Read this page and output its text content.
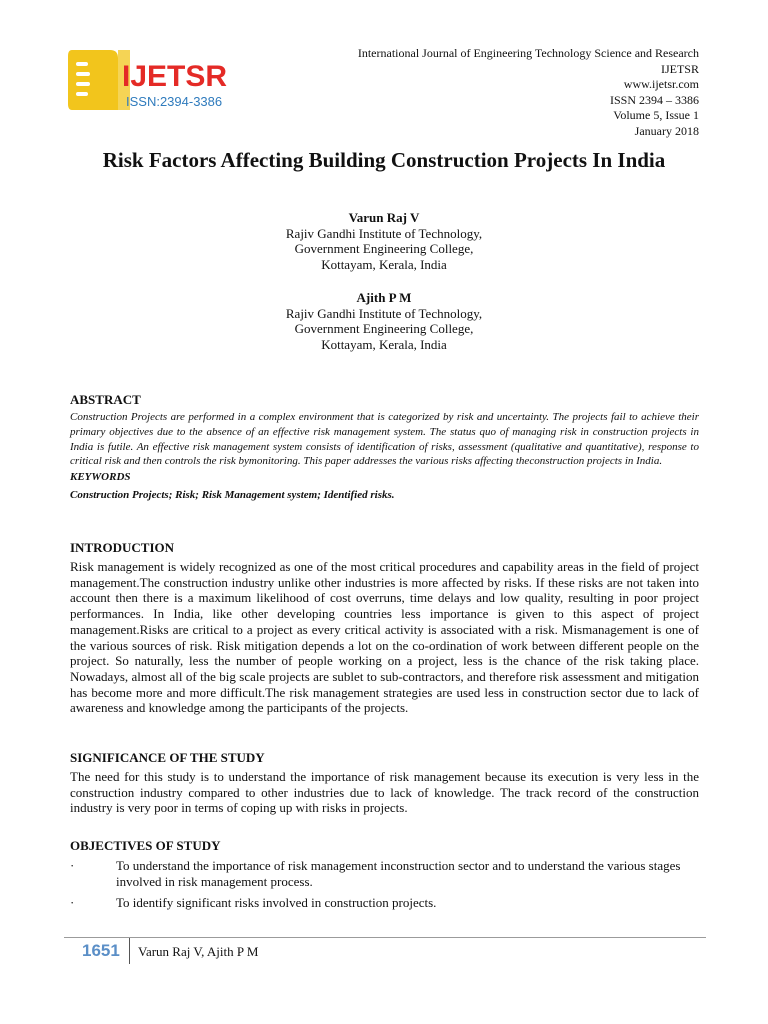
IJETSR
ISSN:2394-3386
International Journal of Engineering Technology Science and Research
IJETSR
www.ijetsr.com
ISSN 2394 – 3386
Volume 5, Issue 1
January 2018
Risk Factors Affecting Building Construction Projects In India
Varun Raj V
Rajiv Gandhi Institute of Technology,
Government Engineering College,
Kottayam, Kerala, India
Ajith P M
Rajiv Gandhi Institute of Technology,
Government Engineering College,
Kottayam, Kerala, India
ABSTRACT

Construction Projects are performed in a complex environment that is categorized by risk and uncertainty. The projects fail to achieve their primary objectives due to the absence of an effective risk management system. The status quo of managing risk in construction projects in India is futile. An effective risk management system consists of identification of risks, assessment (qualitative and quantitative), response to critical risk and then controls the risk bymonitoring. This paper addresses the various risks affecting theconstruction projects in India.

KEYWORDS
Construction Projects; Risk; Risk Management system; Identified risks.
INTRODUCTION

Risk management is widely recognized as one of the most critical procedures and capability areas in the field of project management.The construction industry unlike other industries is more affected by risks. If these risks are not taken into account then there is a maximum likelihood of cost overruns, time delays and low quality, resulting in poor project performances. In India, like other developing countries less importance is given to this aspect of project management.Risks are critical to a project as every critical activity is associated with a risk. Mismanagement is one of the various sources of risk. Risk mitigation depends a lot on the co-ordination of work between different people on the project. So naturally, less the number of people working on a project, less is the chance of the risk taking place. Nowadays, almost all of the big scale projects are sublet to sub-contractors, and therefore risk assessment and mitigation has become more and more difficult.The risk management strategies are used less in construction sector due to lack of awareness and knowledge among the participants of the projects.

SIGNIFICANCE OF THE STUDY

The need for this study is to understand the importance of risk management because its execution is very less in the construction industry compared to other industries due to lack of knowledge. The track record of the construction industry is very poor in terms of coping up with risks in projects.

OBJECTIVES OF STUDY
·	To understand the importance of risk management inconstruction sector and to understand the various stages involved in risk management process.
·	To identify significant risks involved in construction projects.
1651 Varun Raj V, Ajith P M
